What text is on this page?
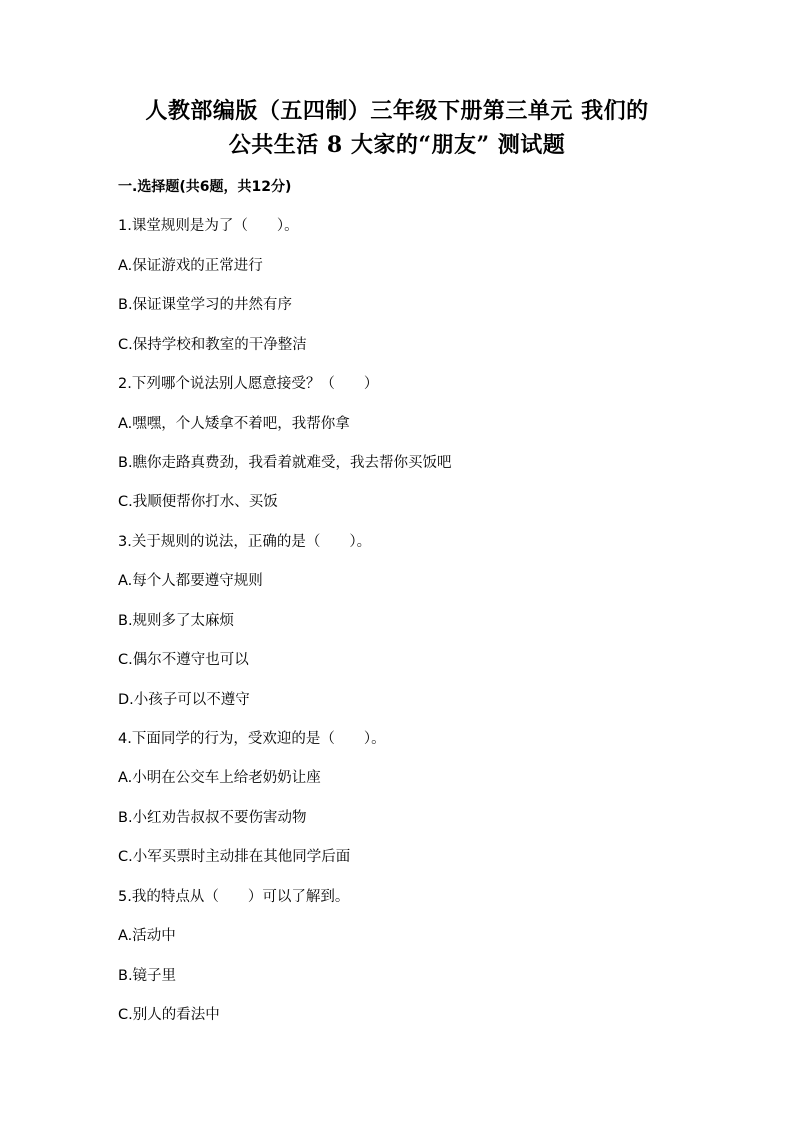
人教部编版（五四制）三年级下册第三单元 我们的
公共生活 8 大家的“朋友” 测试题
一.选择题(共6题，共12分)
1.课堂规则是为了（　　）。
A.保证游戏的正常进行
B.保证课堂学习的井然有序
C.保持学校和教室的干净整洁
2.下列哪个说法别人愿意接受？（　　）
A.嘿嘿，个人矮拿不着吧，我帮你拿
B.瞧你走路真费劲，我看着就难受，我去帮你买饭吧
C.我顺便帮你打水、买饭
3.关于规则的说法，正确的是（　　）。
A.每个人都要遵守规则
B.规则多了太麻烦
C.偶尔不遵守也可以
D.小孩子可以不遵守
4.下面同学的行为，受欢迎的是（　　）。
A.小明在公交车上给老奶奶让座
B.小红劝告叔叔不要伤害动物
C.小军买票时主动排在其他同学后面
5.我的特点从（　　）可以了解到。
A.活动中
B.镜子里
C.别人的看法中
